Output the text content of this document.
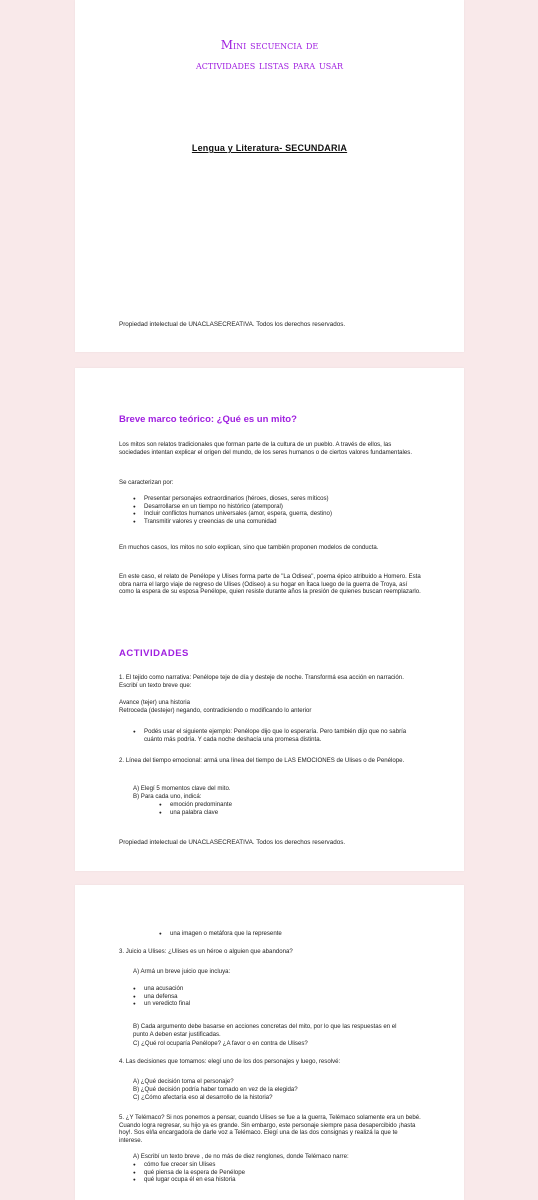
Mini secuencia de
actividades listas para usar
Lengua y Literatura- SECUNDARIA
Propiedad intelectual de UNACLASECREATIVA. Todos los derechos reservados.
Breve marco teórico: ¿Qué es un mito?
Los mitos son relatos tradicionales que forman parte de la cultura de un pueblo. A través de ellos, las sociedades intentan explicar el origen del mundo, de los seres humanos o de ciertos valores fundamentales.
Se caracterizan por:
● Presentar personajes extraordinarios (héroes, dioses, seres míticos)
● Desarrollarse en un tiempo no histórico (atemporal)
● Incluir conflictos humanos universales (amor, espera, guerra, destino)
● Transmitir valores y creencias de una comunidad
En muchos casos, los mitos no solo explican, sino que también proponen modelos de conducta.
En este caso, el relato de Penélope y Ulises forma parte de "La Odisea", poema épico atribuido a Homero. Esta obra narra el largo viaje de regreso de Ulises (Odiseo) a su hogar en Ítaca luego de la guerra de Troya, así como la espera de su esposa Penélope, quien resiste durante años la presión de quienes buscan reemplazarlo.
ACTIVIDADES
1. El tejido como narrativa: Penélope teje de día y desteje de noche. Transformá esa acción en narración. Escribí un texto breve que:
Avance (tejer) una historia
Retroceda (destejer) negando, contradiciendo o modificando lo anterior
● Podés usar el siguiente ejemplo: Penélope dijo que lo esperaría. Pero también dijo que no sabría cuánto más podría. Y cada noche deshacía una promesa distinta.
2. Línea del tiempo emocional: armá una línea del tiempo de LAS EMOCIONES de Ulises o de Penélope.
A) Elegí 5 momentos clave del mito.
B) Para cada uno, indicá:
● emoción predominante
● una palabra clave
Propiedad intelectual de UNACLASECREATIVA. Todos los derechos reservados.
● una imagen o metáfora que la represente
3. Juicio a Ulises: ¿Ulises es un héroe o alguien que abandona?
A) Armá un breve juicio que incluya:
● una acusación
● una defensa
● un veredicto final
B) Cada argumento debe basarse en acciones concretas del mito, por lo que las respuestas en el punto A deben estar justificadas.
C) ¿Qué rol ocuparía Penélope? ¿A favor o en contra de Ulises?
4. Las decisiones que tomamos: elegí uno de los dos personajes y luego, resolvé:
A) ¿Qué decisión toma el personaje?
B) ¿Qué decisión podría haber tomado en vez de la elegida?
C) ¿Cómo afectaría eso al desarrollo de la historia?
5. ¿Y Telémaco? Si nos ponemos a pensar, cuando Ulises se fue a la guerra, Telémaco solamente era un bebé. Cuando logra regresar, su hijo ya es grande. Sin embargo, este personaje siempre pasa desapercibido ¡hasta hoy!. Sos el/la encargado/a de darle voz a Telémaco. Elegí una de las dos consignas y realizá la que te interese.
A) Escribí un texto breve , de no más de diez renglones, donde Telémaco narre:
● cómo fue crecer sin Ulises
● qué piensa de la espera de Penélope
● qué lugar ocupa él en esa historia
